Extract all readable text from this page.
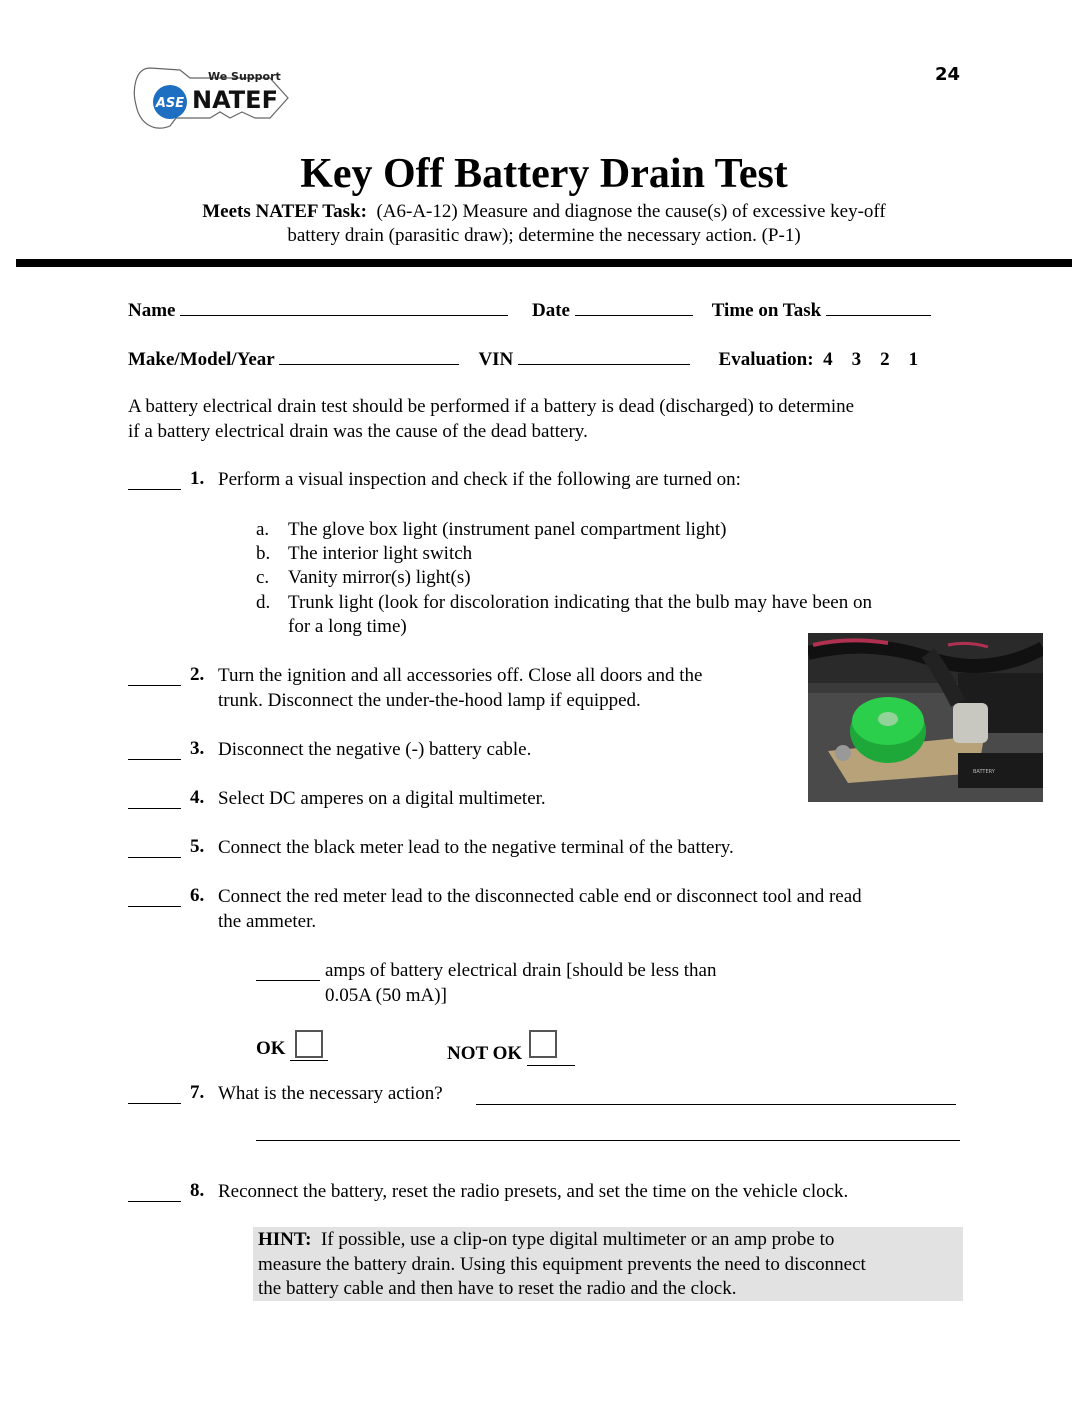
ASE
We Support
NATEF
24
Key Off Battery Drain Test
Meets NATEF Task: (A6-A-12) Measure and diagnose the cause(s) of excessive key-off
battery drain (parasitic draw); determine the necessary action. (P-1)
Name	Date	Time on Task
Make/Model/Year	VIN	Evaluation: 4 3 2 1
A battery electrical drain test should be performed if a battery is dead (discharged) to determine
if a battery electrical drain was the cause of the dead battery.
1. Perform a visual inspection and check if the following are turned on:
a. The glove box light (instrument panel compartment light)
b. The interior light switch
c. Vanity mirror(s) light(s)
d. Trunk light (look for discoloration indicating that the bulb may have been on
for a long time)
BATTERY
2. Turn the ignition and all accessories off. Close all doors and the
trunk. Disconnect the under-the-hood lamp if equipped.
3. Disconnect the negative (-) battery cable.
4. Select DC amperes on a digital multimeter.
5. Connect the black meter lead to the negative terminal of the battery.
6. Connect the red meter lead to the disconnected cable end or disconnect tool and read
the ammeter.
amps of battery electrical drain [should be less than
0.05A (50 mA)]
OK	NOT OK
7. What is the necessary action?
8. Reconnect the battery, reset the radio presets, and set the time on the vehicle clock.
HINT: If possible, use a clip-on type digital multimeter or an amp probe to
measure the battery drain. Using this equipment prevents the need to disconnect
the battery cable and then have to reset the radio and the clock.
